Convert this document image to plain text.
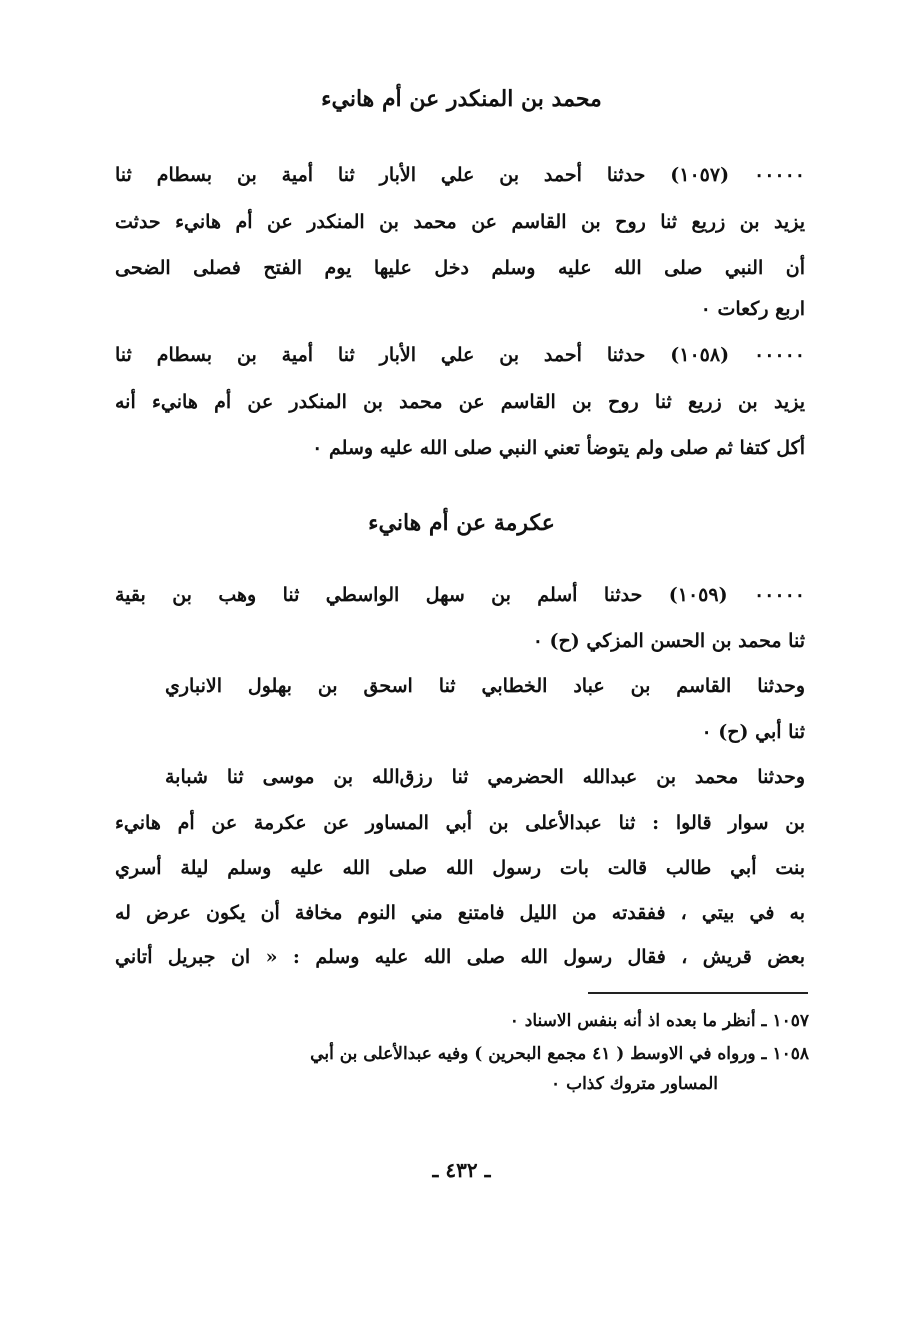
محمد بن المنكدر عن أم هانيء
٠٠٠٠٠ (١٠٥٧) حدثنا أحمد بن علي الأبار ثنا أمية بن بسطام ثنا
يزيد بن زريع ثنا روح بن القاسم عن محمد بن المنكدر عن أم هانيء حدثت
أن النبي صلى الله عليه وسلم دخل عليها يوم الفتح فصلى الضحى
اربع ركعات ٠
٠٠٠٠٠ (١٠٥٨) حدثنا أحمد بن علي الأبار ثنا أمية بن بسطام ثنا
يزيد بن زريع ثنا روح بن القاسم عن محمد بن المنكدر عن أم هانيء أنه
أكل كتفا ثم صلى ولم يتوضأ تعني النبي صلى الله عليه وسلم ٠
عكرمة عن أم هانيء
٠٠٠٠٠ (١٠٥٩) حدثنا أسلم بن سهل الواسطي ثنا وهب بن بقية
ثنا محمد بن الحسن المزكي (ح) ٠
وحدثنا القاسم بن عباد الخطابي ثنا اسحق بن بهلول الانباري
ثنا أبي (ح) ٠
وحدثنا محمد بن عبدالله الحضرمي ثنا رزق‌الله بن موسى ثنا شبابة
بن سوار قالوا : ثنا عبدالأعلى بن أبي المساور عن عكرمة عن أم هانيء
بنت أبي طالب قالت بات رسول الله صلى الله عليه وسلم ليلة أسري
به في بيتي ، ففقدته من الليل فامتنع مني النوم مخافة أن يكون عرض له
بعض قريش ، فقال رسول الله صلى الله عليه وسلم : « ان جبريل أتاني
١٠٥٧ ـ أنظر ما بعده اذ أنه بنفس الاسناد ٠
١٠٥٨ ـ ورواه في الاوسط ( ٤١ مجمع البحرين ) وفيه عبدالأعلى بن أبي
المساور متروك كذاب ٠
ـ ٤٣٢ ـ
